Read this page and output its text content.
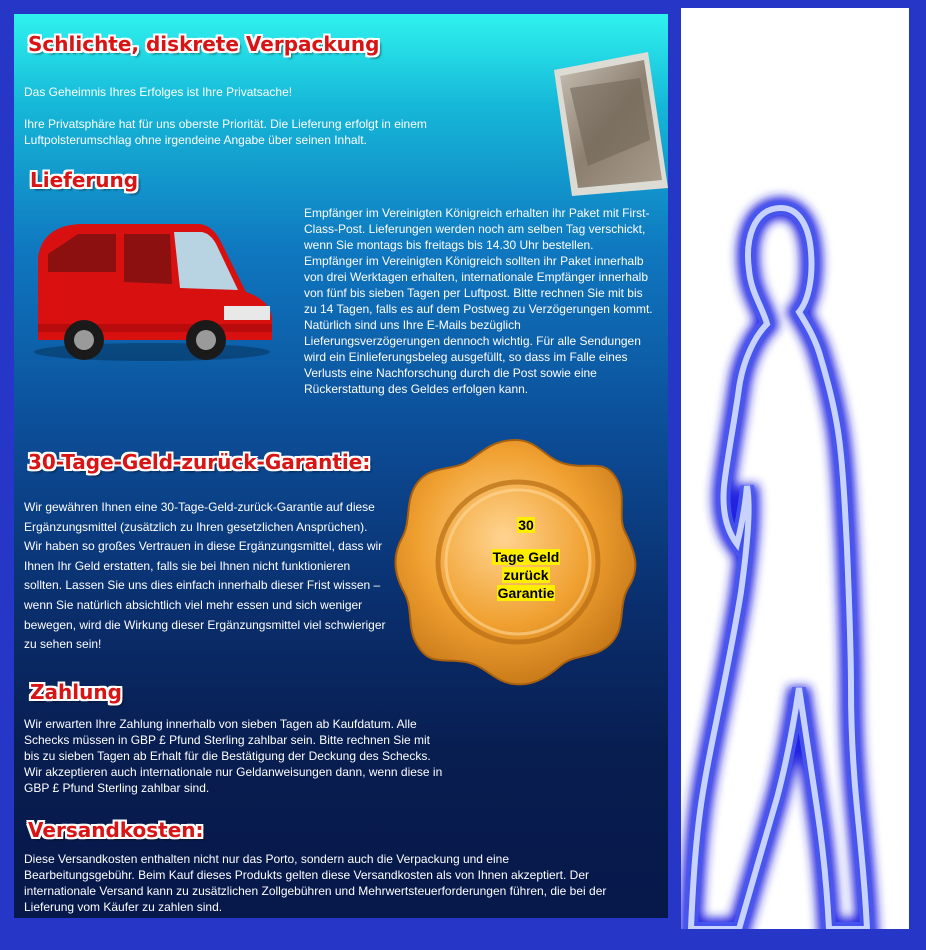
Schlichte, diskrete Verpackung

Das Geheimnis Ihres Erfolges ist Ihre Privatsache!

Ihre Privatsphäre hat für uns oberste Priorität. Die Lieferung erfolgt in einem Luftpolsterumschlag ohne irgendeine Angabe über seinen Inhalt.

Lieferung

Empfänger im Vereinigten Königreich erhalten ihr Paket mit First-Class-Post. Lieferungen werden noch am selben Tag verschickt, wenn Sie montags bis freitags bis 14.30 Uhr bestellen. Empfänger im Vereinigten Königreich sollten ihr Paket innerhalb von drei Werktagen erhalten, internationale Empfänger innerhalb von fünf bis sieben Tagen per Luftpost. Bitte rechnen Sie mit bis zu 14 Tagen, falls es auf dem Postweg zu Verzögerungen kommt. Natürlich sind uns Ihre E-Mails bezüglich Lieferungsverzögerungen dennoch wichtig. Für alle Sendungen wird ein Einlieferungsbeleg ausgefüllt, so dass im Falle eines Verlusts eine Nachforschung durch die Post sowie eine Rückerstattung des Geldes erfolgen kann.

30-Tage-Geld-zurück-Garantie:

Wir gewähren Ihnen eine 30-Tage-Geld-zurück-Garantie auf diese Ergänzungsmittel (zusätzlich zu Ihren gesetzlichen Ansprüchen). Wir haben so großes Vertrauen in diese Ergänzungsmittel, dass wir Ihnen Ihr Geld erstatten, falls sie bei Ihnen nicht funktionieren sollten. Lassen Sie uns dies einfach innerhalb dieser Frist wissen – wenn Sie natürlich absichtlich viel mehr essen und sich weniger bewegen, wird die Wirkung dieser Ergänzungsmittel viel schwieriger zu sehen sein!

30
Tage Geld
zurück
Garantie
Zahlung

Wir erwarten Ihre Zahlung innerhalb von sieben Tagen ab Kaufdatum. Alle Schecks müssen in GBP £ Pfund Sterling zahlbar sein. Bitte rechnen Sie mit bis zu sieben Tagen ab Erhalt für die Bestätigung der Deckung des Schecks. Wir akzeptieren auch internationale nur Geldanweisungen dann, wenn diese in GBP £ Pfund Sterling zahlbar sind.

Versandkosten:

Diese Versandkosten enthalten nicht nur das Porto, sondern auch die Verpackung und eine Bearbeitungsgebühr. Beim Kauf dieses Produkts gelten diese Versandkosten als von Ihnen akzeptiert. Der internationale Versand kann zu zusätzlichen Zollgebühren und Mehrwertsteuerforderungen führen, die bei der Lieferung vom Käufer zu zahlen sind.
